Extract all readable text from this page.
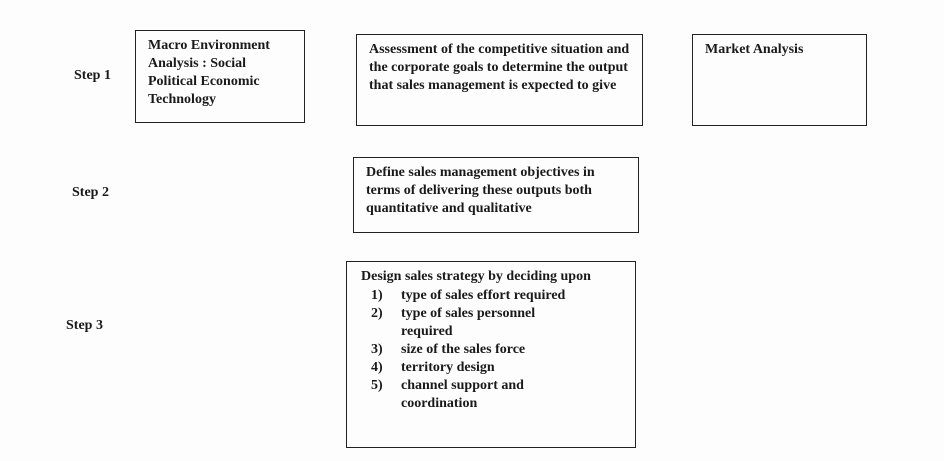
Step 1
Step 2
Step 3

Macro Environment Analysis : Social Political Economic Technology

Assessment of the competitive situation and the corporate goals to determine the output that sales management is expected to give

Market Analysis

Define sales management objectives in terms of delivering these outputs both quantitative and qualitative

Design sales strategy by deciding upon

1)	type of sales effort required
2)	type of sales personnel required
3)	size of the sales force
4)	territory design
5)	channel support and coordination
